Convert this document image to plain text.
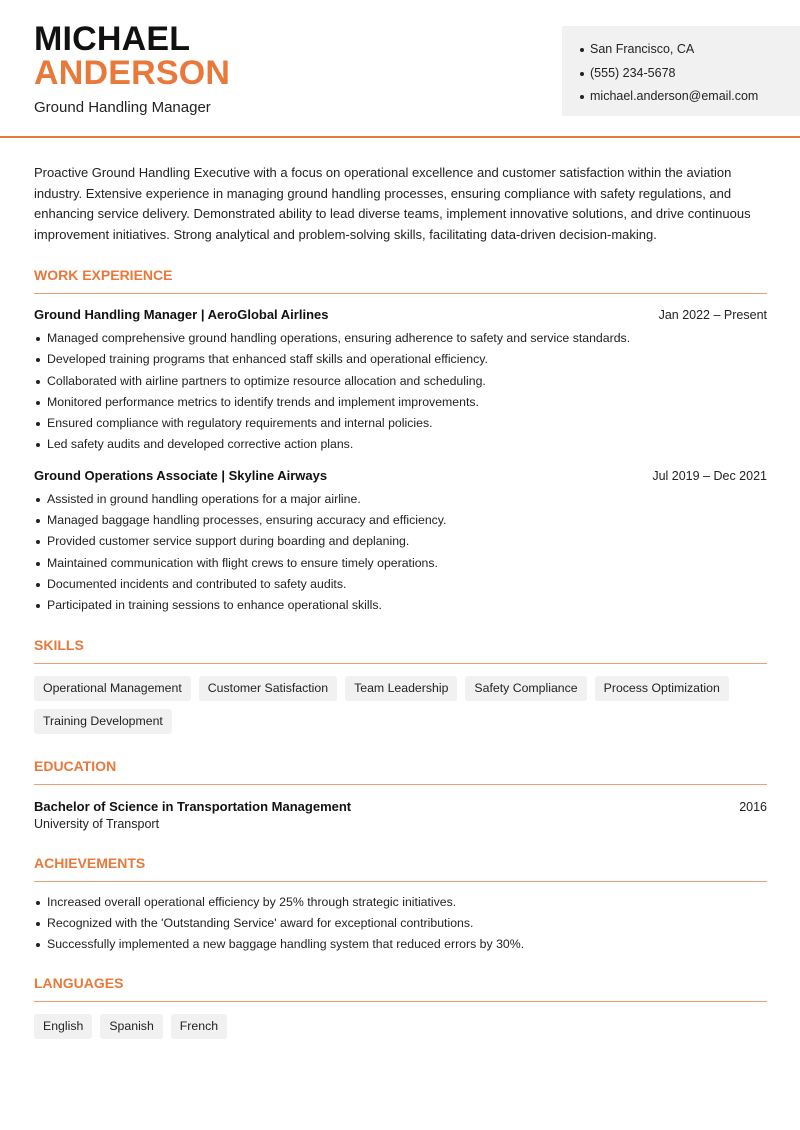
MICHAEL
ANDERSON
Ground Handling Manager
San Francisco, CA
(555) 234-5678
michael.anderson@email.com

Proactive Ground Handling Executive with a focus on operational excellence and customer satisfaction within the aviation industry. Extensive experience in managing ground handling processes, ensuring compliance with safety regulations, and enhancing service delivery. Demonstrated ability to lead diverse teams, implement innovative solutions, and drive continuous improvement initiatives. Strong analytical and problem-solving skills, facilitating data-driven decision-making.

WORK EXPERIENCE
Ground Handling Manager | AeroGlobal Airlines	Jan 2022 – Present
Managed comprehensive ground handling operations, ensuring adherence to safety and service standards.
Developed training programs that enhanced staff skills and operational efficiency.
Collaborated with airline partners to optimize resource allocation and scheduling.
Monitored performance metrics to identify trends and implement improvements.
Ensured compliance with regulatory requirements and internal policies.
Led safety audits and developed corrective action plans.
Ground Operations Associate | Skyline Airways	Jul 2019 – Dec 2021
Assisted in ground handling operations for a major airline.
Managed baggage handling processes, ensuring accuracy and efficiency.
Provided customer service support during boarding and deplaning.
Maintained communication with flight crews to ensure timely operations.
Documented incidents and contributed to safety audits.
Participated in training sessions to enhance operational skills.
SKILLS
Operational Management	Customer Satisfaction	Team Leadership	Safety Compliance	Process Optimization
Training Development
EDUCATION
Bachelor of Science in Transportation Management	2016
University of Transport
ACHIEVEMENTS
Increased overall operational efficiency by 25% through strategic initiatives.
Recognized with the 'Outstanding Service' award for exceptional contributions.
Successfully implemented a new baggage handling system that reduced errors by 30%.
LANGUAGES
English	Spanish	French
